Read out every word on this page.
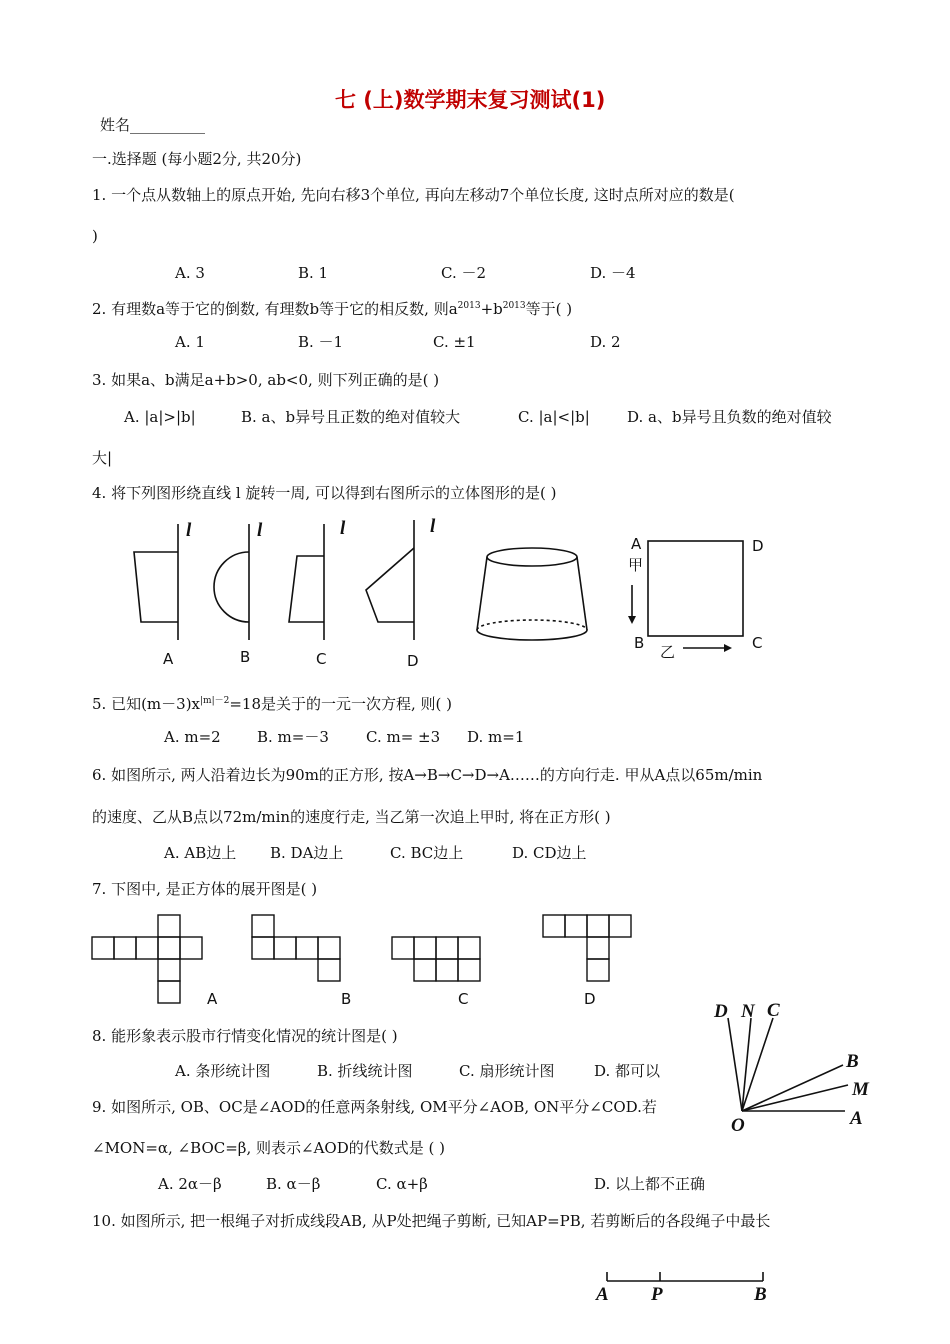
七 (上)数学期末复习测试(1)
姓名__________
一.选择题 (每小题2分, 共20分)
1. 一个点从数轴上的原点开始, 先向右移3个单位, 再向左移动7个单位长度, 这时点所对应的数是(
)
A. 3	B. 1	C. －2	D. －4
2. 有理数a等于它的倒数, 有理数b等于它的相反数, 则$a^{2013}+b^{2013}$等于( )
A. 1	B. －1	C. ±1	D. 2
3. 如果a、b满足a+b>0, ab<0, 则下列正确的是( )
A. |a|>|b|	B. a、b异号且正数的绝对值较大	C. |a|<|b| D. a、b异号且负数的绝对值较
大|
4. 将下列图形绕直线 l 旋转一周, 可以得到右图所示的立体图形的是( )
l	l	l	l
A	B	C	D
A
甲
D
B	C
乙
A	B	C	D
D N C
B
M
A
O
A P	B
5. 已知$(m-3)x^{|m|-2}=18$是关于的一元一次方程, 则( )
A. m=2 B. m=－3 C. m= ±3 D. m=1
6. 如图所示, 两人沿着边长为90m的正方形, 按A→B→C→D→A……的方向行走. 甲从A点以65m/min
的速度、乙从B点以72m/min的速度行走, 当乙第一次追上甲时, 将在正方形( )
A. AB边上 B. DA边上	C. BC边上	D. CD边上
7. 下图中, 是正方体的展开图是( )
8. 能形象表示股市行情变化情况的统计图是( )
A. 条形统计图	B. 折线统计图	C. 扇形统计图	D. 都可以
9. 如图所示, OB、OC是∠AOD的任意两条射线, OM平分∠AOB, ON平分∠COD.若
∠MON=α, ∠BOC=β, 则表示∠AOD的代数式是 ( )
A. 2α－β	B. α－β	C. α+β	D. 以上都不正确
10. 如图所示, 把一根绳子对折成线段AB, 从P处把绳子剪断, 已知AP=PB, 若剪断后的各段绳子中最长
